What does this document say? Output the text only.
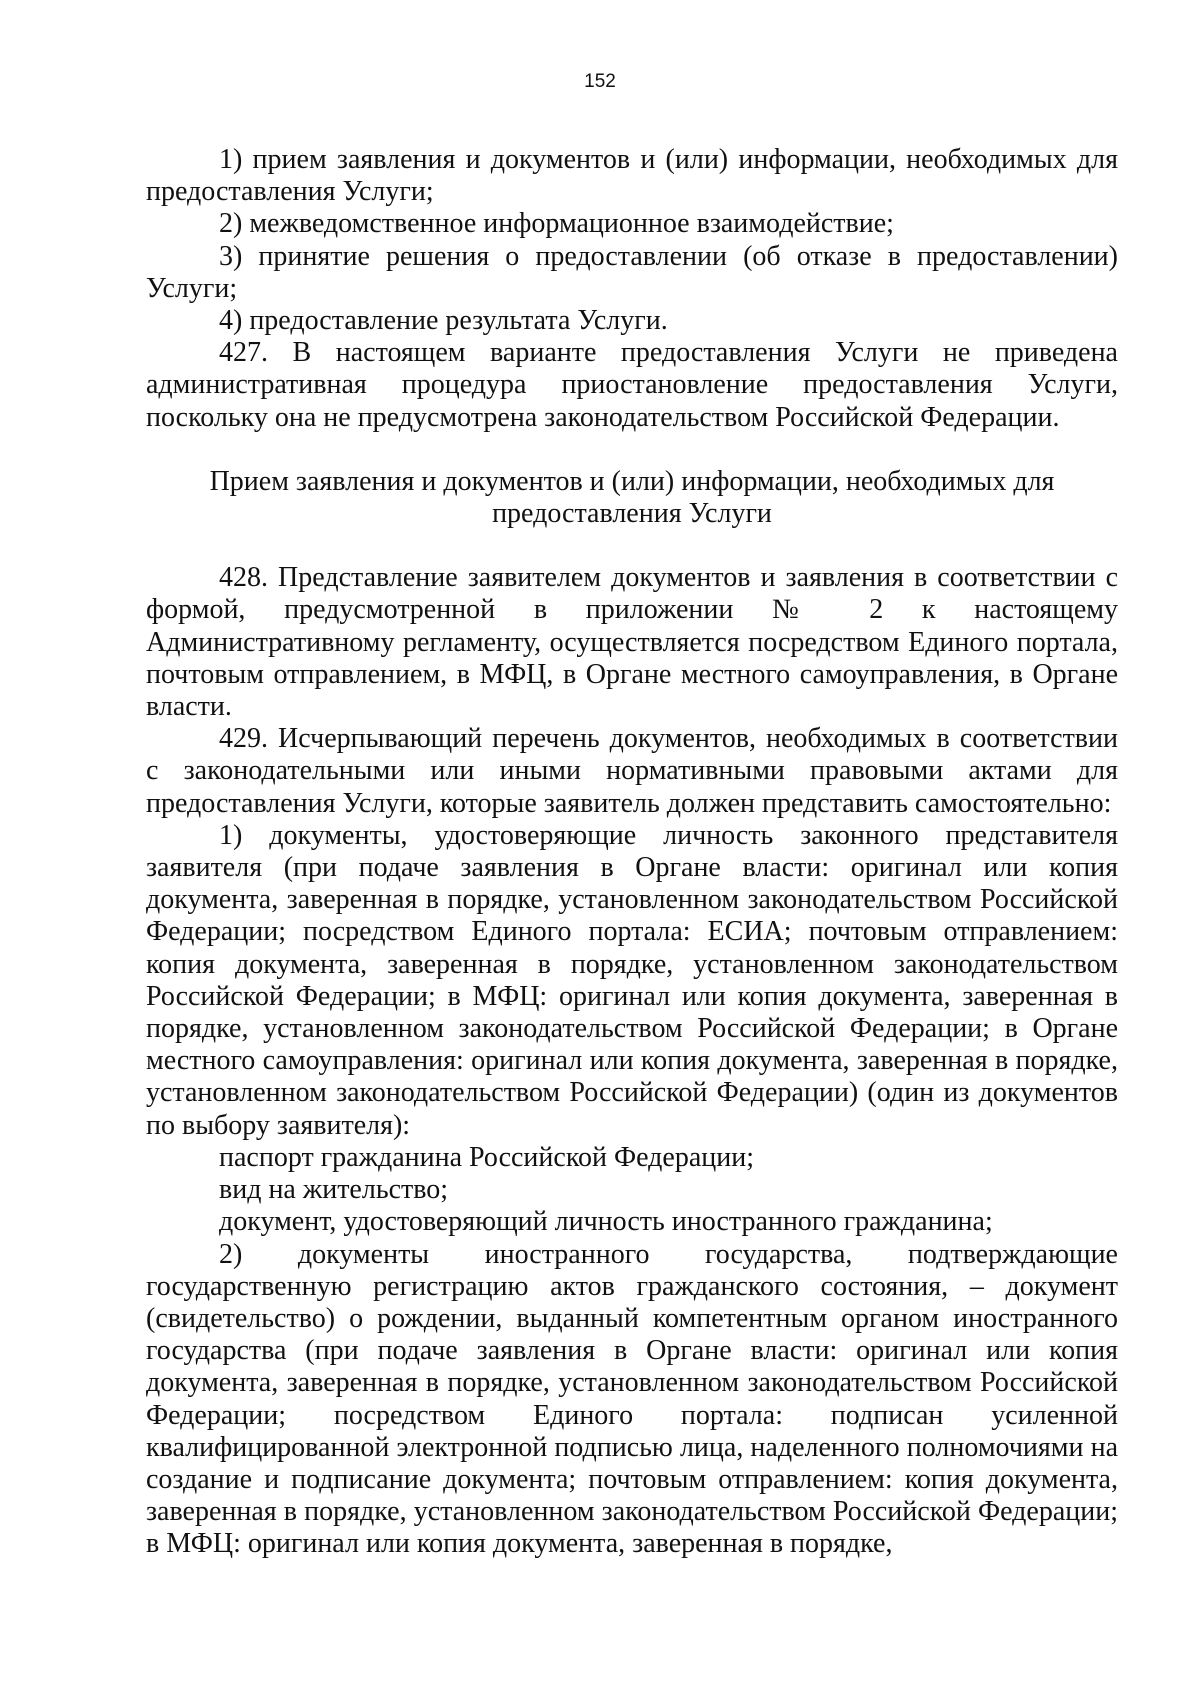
152

1) прием заявления и документов и (или) информации, необходимых для предоставления Услуги;

2) межведомственное информационное взаимодействие;

3) принятие решения о предоставлении (об отказе в предоставлении) Услуги;

4) предоставление результата Услуги.

427. В настоящем варианте предоставления Услуги не приведена административная процедура приостановление предоставления Услуги, поскольку она не предусмотрена законодательством Российской Федерации.

Прием заявления и документов и (или) информации, необходимых для
предоставления Услуги

428. Представление заявителем документов и заявления в соответствии с формой, предусмотренной в приложении № 2 к настоящему Административному регламенту, осуществляется посредством Единого портала, почтовым отправлением, в МФЦ, в Органе местного самоуправления, в Органе власти.

429. Исчерпывающий перечень документов, необходимых в соответствии с законодательными или иными нормативными правовыми актами для предоставления Услуги, которые заявитель должен представить самостоятельно:

1) документы, удостоверяющие личность законного представителя заявителя (при подаче заявления в Органе власти: оригинал или копия документа, заверенная в порядке, установленном законодательством Российской Федерации; посредством Единого портала: ЕСИА; почтовым отправлением: копия документа, заверенная в порядке, установленном законодательством Российской Федерации; в МФЦ: оригинал или копия документа, заверенная в порядке, установленном законодательством Российской Федерации; в Органе местного самоуправления: оригинал или копия документа, заверенная в порядке, установленном законодательством Российской Федерации) (один из документов по выбору заявителя):

паспорт гражданина Российской Федерации;

вид на жительство;

документ, удостоверяющий личность иностранного гражданина;

2) документы иностранного государства, подтверждающие государственную регистрацию актов гражданского состояния, – документ (свидетельство) о рождении, выданный компетентным органом иностранного государства (при подаче заявления в Органе власти: оригинал или копия документа, заверенная в порядке, установленном законодательством Российской Федерации; посредством Единого портала: подписан усиленной квалифицированной электронной подписью лица, наделенного полномочиями на создание и подписание документа; почтовым отправлением: копия документа, заверенная в порядке, установленном законодательством Российской Федерации; в МФЦ: оригинал или копия документа, заверенная в порядке,
